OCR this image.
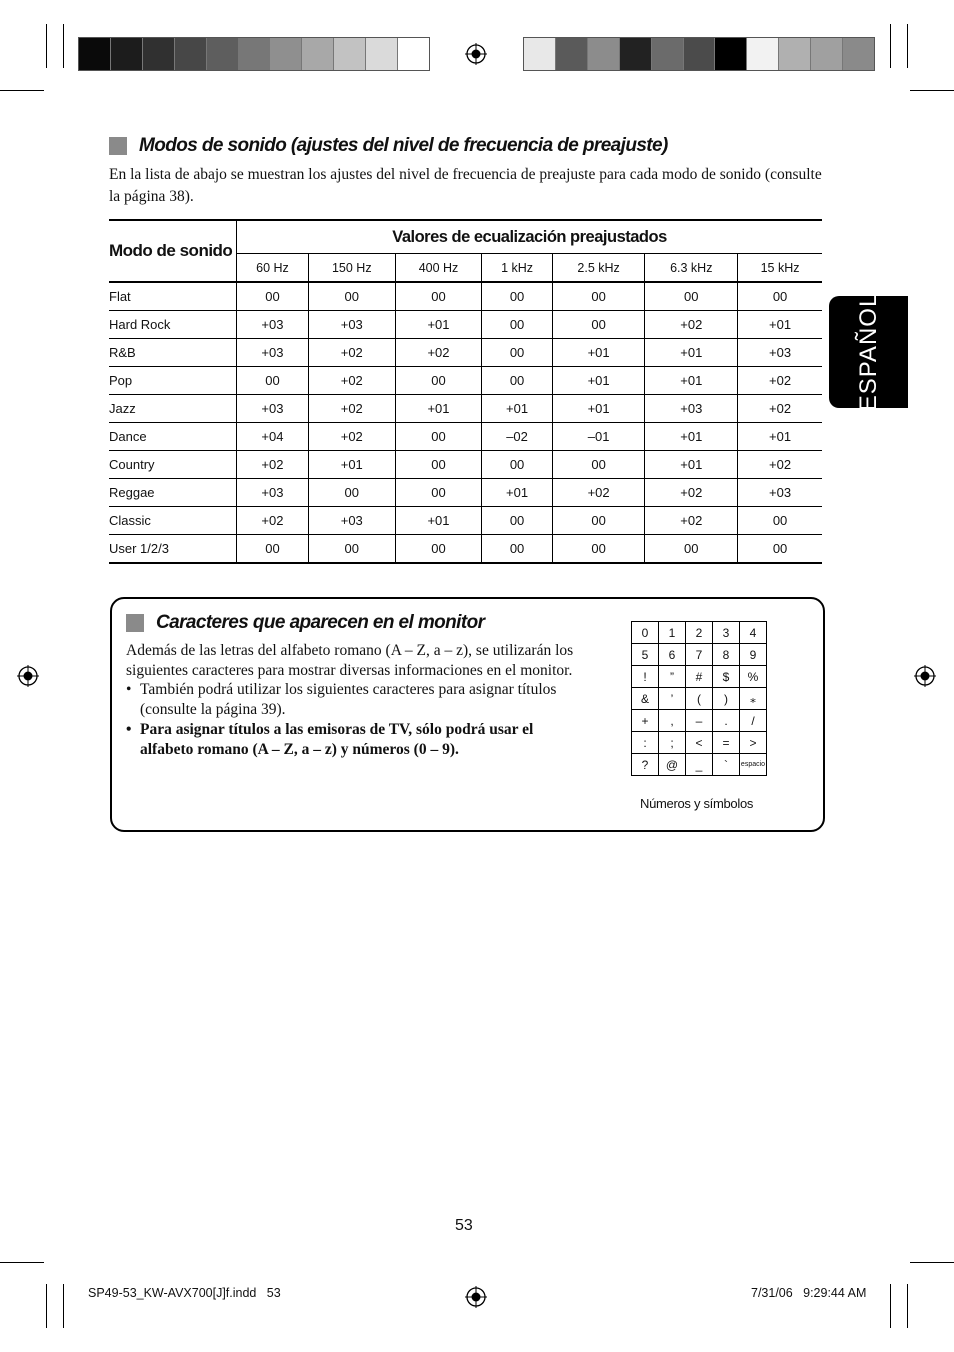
ESPAÑOL
Modos de sonido (ajustes del nivel de frecuencia de preajuste)
En la lista de abajo se muestran los ajustes del nivel de frecuencia de preajuste para cada modo de sonido (consulte la página 38).
Modo de sonido	Valores de ecualización preajustados						
	60 Hz	150 Hz	400 Hz	1 kHz	2.5 kHz	6.3 kHz	15 kHz
Flat	00	00	00	00	00	00	00
Hard Rock	+03	+03	+01	00	00	+02	+01
R&B	+03	+02	+02	00	+01	+01	+03
Pop	00	+02	00	00	+01	+01	+02
Jazz	+03	+02	+01	+01	+01	+03	+02
Dance	+04	+02	00	–02	–01	+01	+01
Country	+02	+01	00	00	00	+01	+02
Reggae	+03	00	00	+01	+02	+02	+03
Classic	+02	+03	+01	00	00	+02	00
User 1/2/3	00	00	00	00	00	00	00
Caracteres que aparecen en el monitor
Además de las letras del alfabeto romano (A – Z, a – z), se utilizarán los siguientes caracteres para mostrar diversas informaciones en el monitor.
• También podrá utilizar los siguientes caracteres para asignar títulos (consulte la página 39).
• Para asignar títulos a las emisoras de TV, sólo podrá usar el alfabeto romano (A – Z, a – z) y números (0 – 9).
0	1	2	3	4
5	6	7	8	9
!	”	#	$	%
&	’	(	)	⁎
+	,	–	.	/
:	;	<	=	>
?	@	_	`	espacio
Números y símbolos
53
SP49-53_KW-AVX700[J]f.indd   53	7/31/06   9:29:44 AM
